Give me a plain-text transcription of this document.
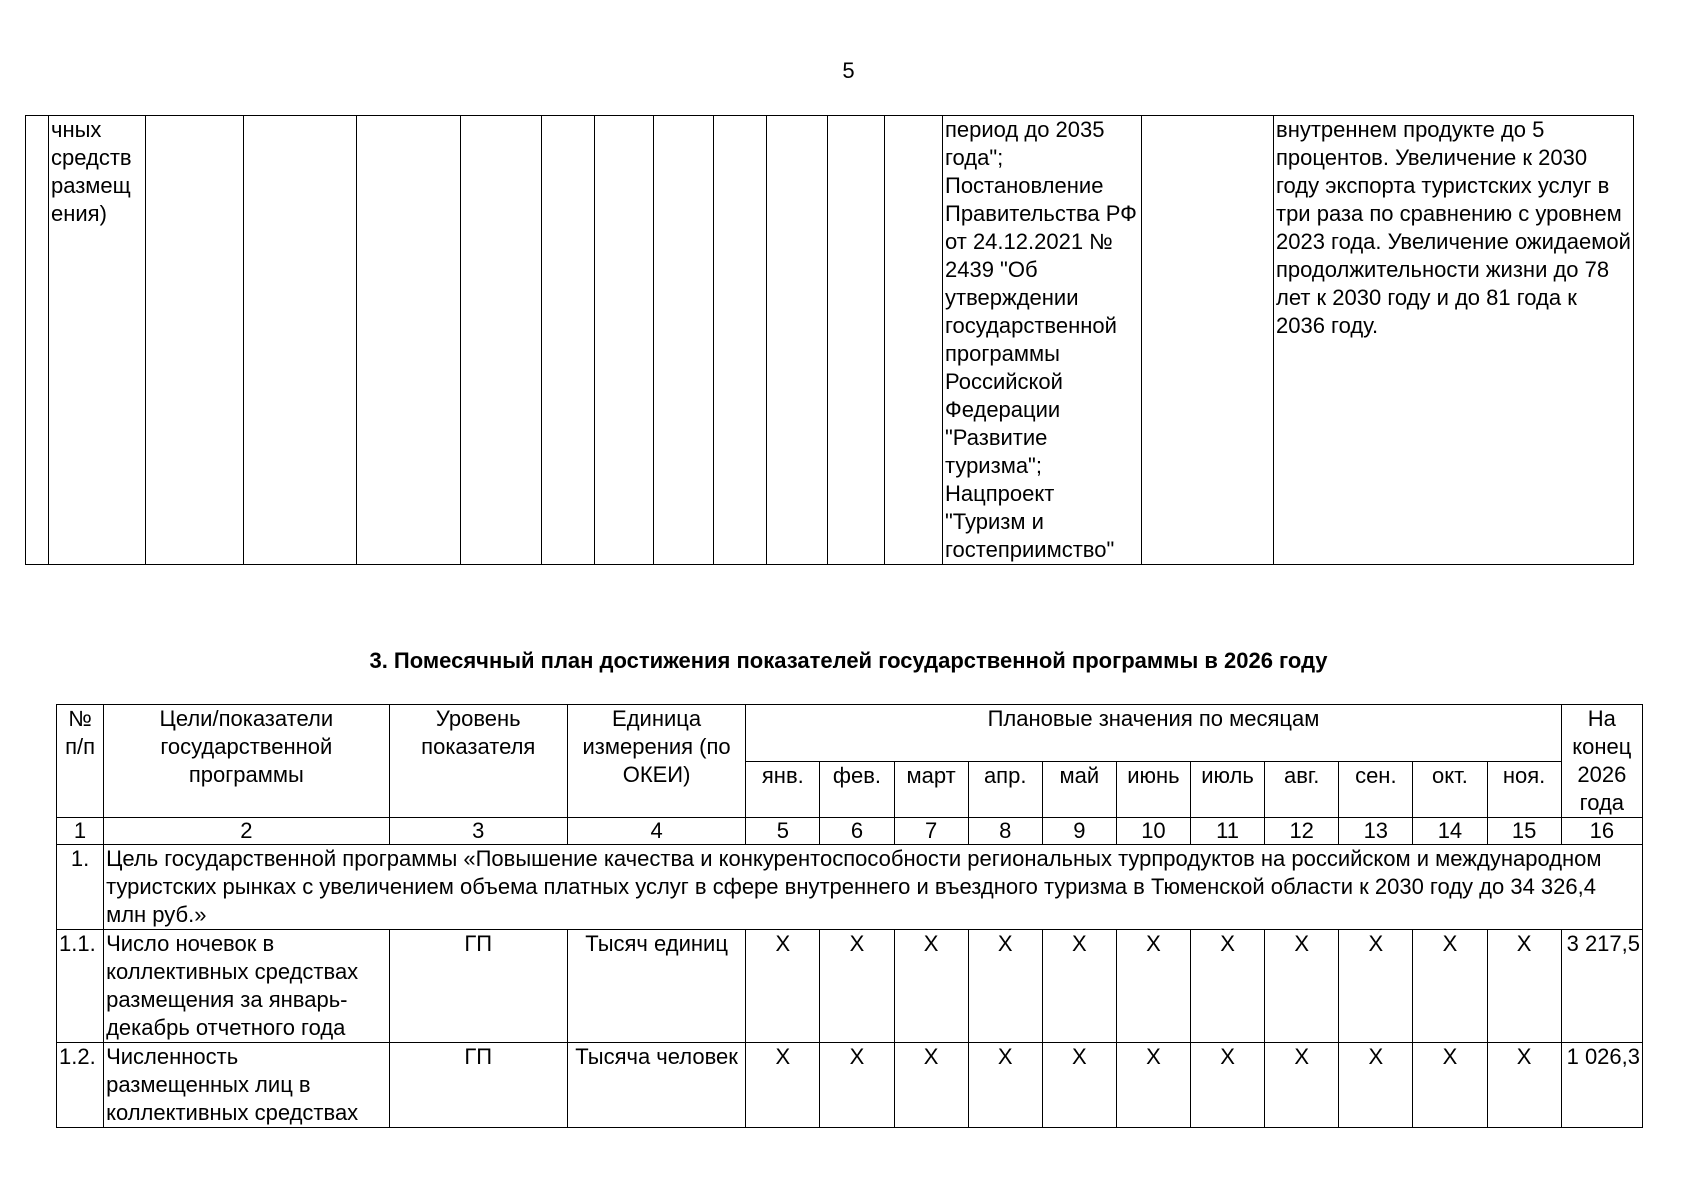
5
	чных средств размещ ения)												период до 2035 года"; Постановление Правительства РФ от 24.12.2021 № 2439 "Об утверждении государственной программы Российской Федерации "Развитие туризма"; Нацпроект "Туризм и гостеприимство"		внутреннем продукте до 5 процентов. Увеличение к 2030 году экспорта туристских услуг в три раза по сравнению с уровнем 2023 года. Увеличение ожидаемой продолжительности жизни до 78 лет к 2030 году и до 81 года к 2036 году.
3. Помесячный план достижения показателей государственной программы в 2026 году
№ п/п	Цели/показатели государственной программы	Уровень показателя	Единица измерения (по ОКЕИ)	Плановые значения по месяцам											На конец 2026 года
				янв.	фев.	март	апр.	май	июнь	июль	авг.	сен.	окт.	ноя.	
1	2	3	4	5	6	7	8	9	10	11	12	13	14	15	16
1.	Цель государственной программы «Повышение качества и конкурентоспособности региональных турпродуктов на российском и международном туристских рынках с увеличением объема платных услуг в сфере внутреннего и въездного туризма в Тюменской области к 2030 году до 34 326,4 млн руб.»														
1.1.	Число ночевок в коллективных средствах размещения за январь-декабрь отчетного года	ГП	Тысяч единиц	X	X	X	X	X	X	X	X	X	X	X	3 217,5
1.2.	Численность размещенных лиц в коллективных средствах	ГП	Тысяча человек	X	X	X	X	X	X	X	X	X	X	X	1 026,3
